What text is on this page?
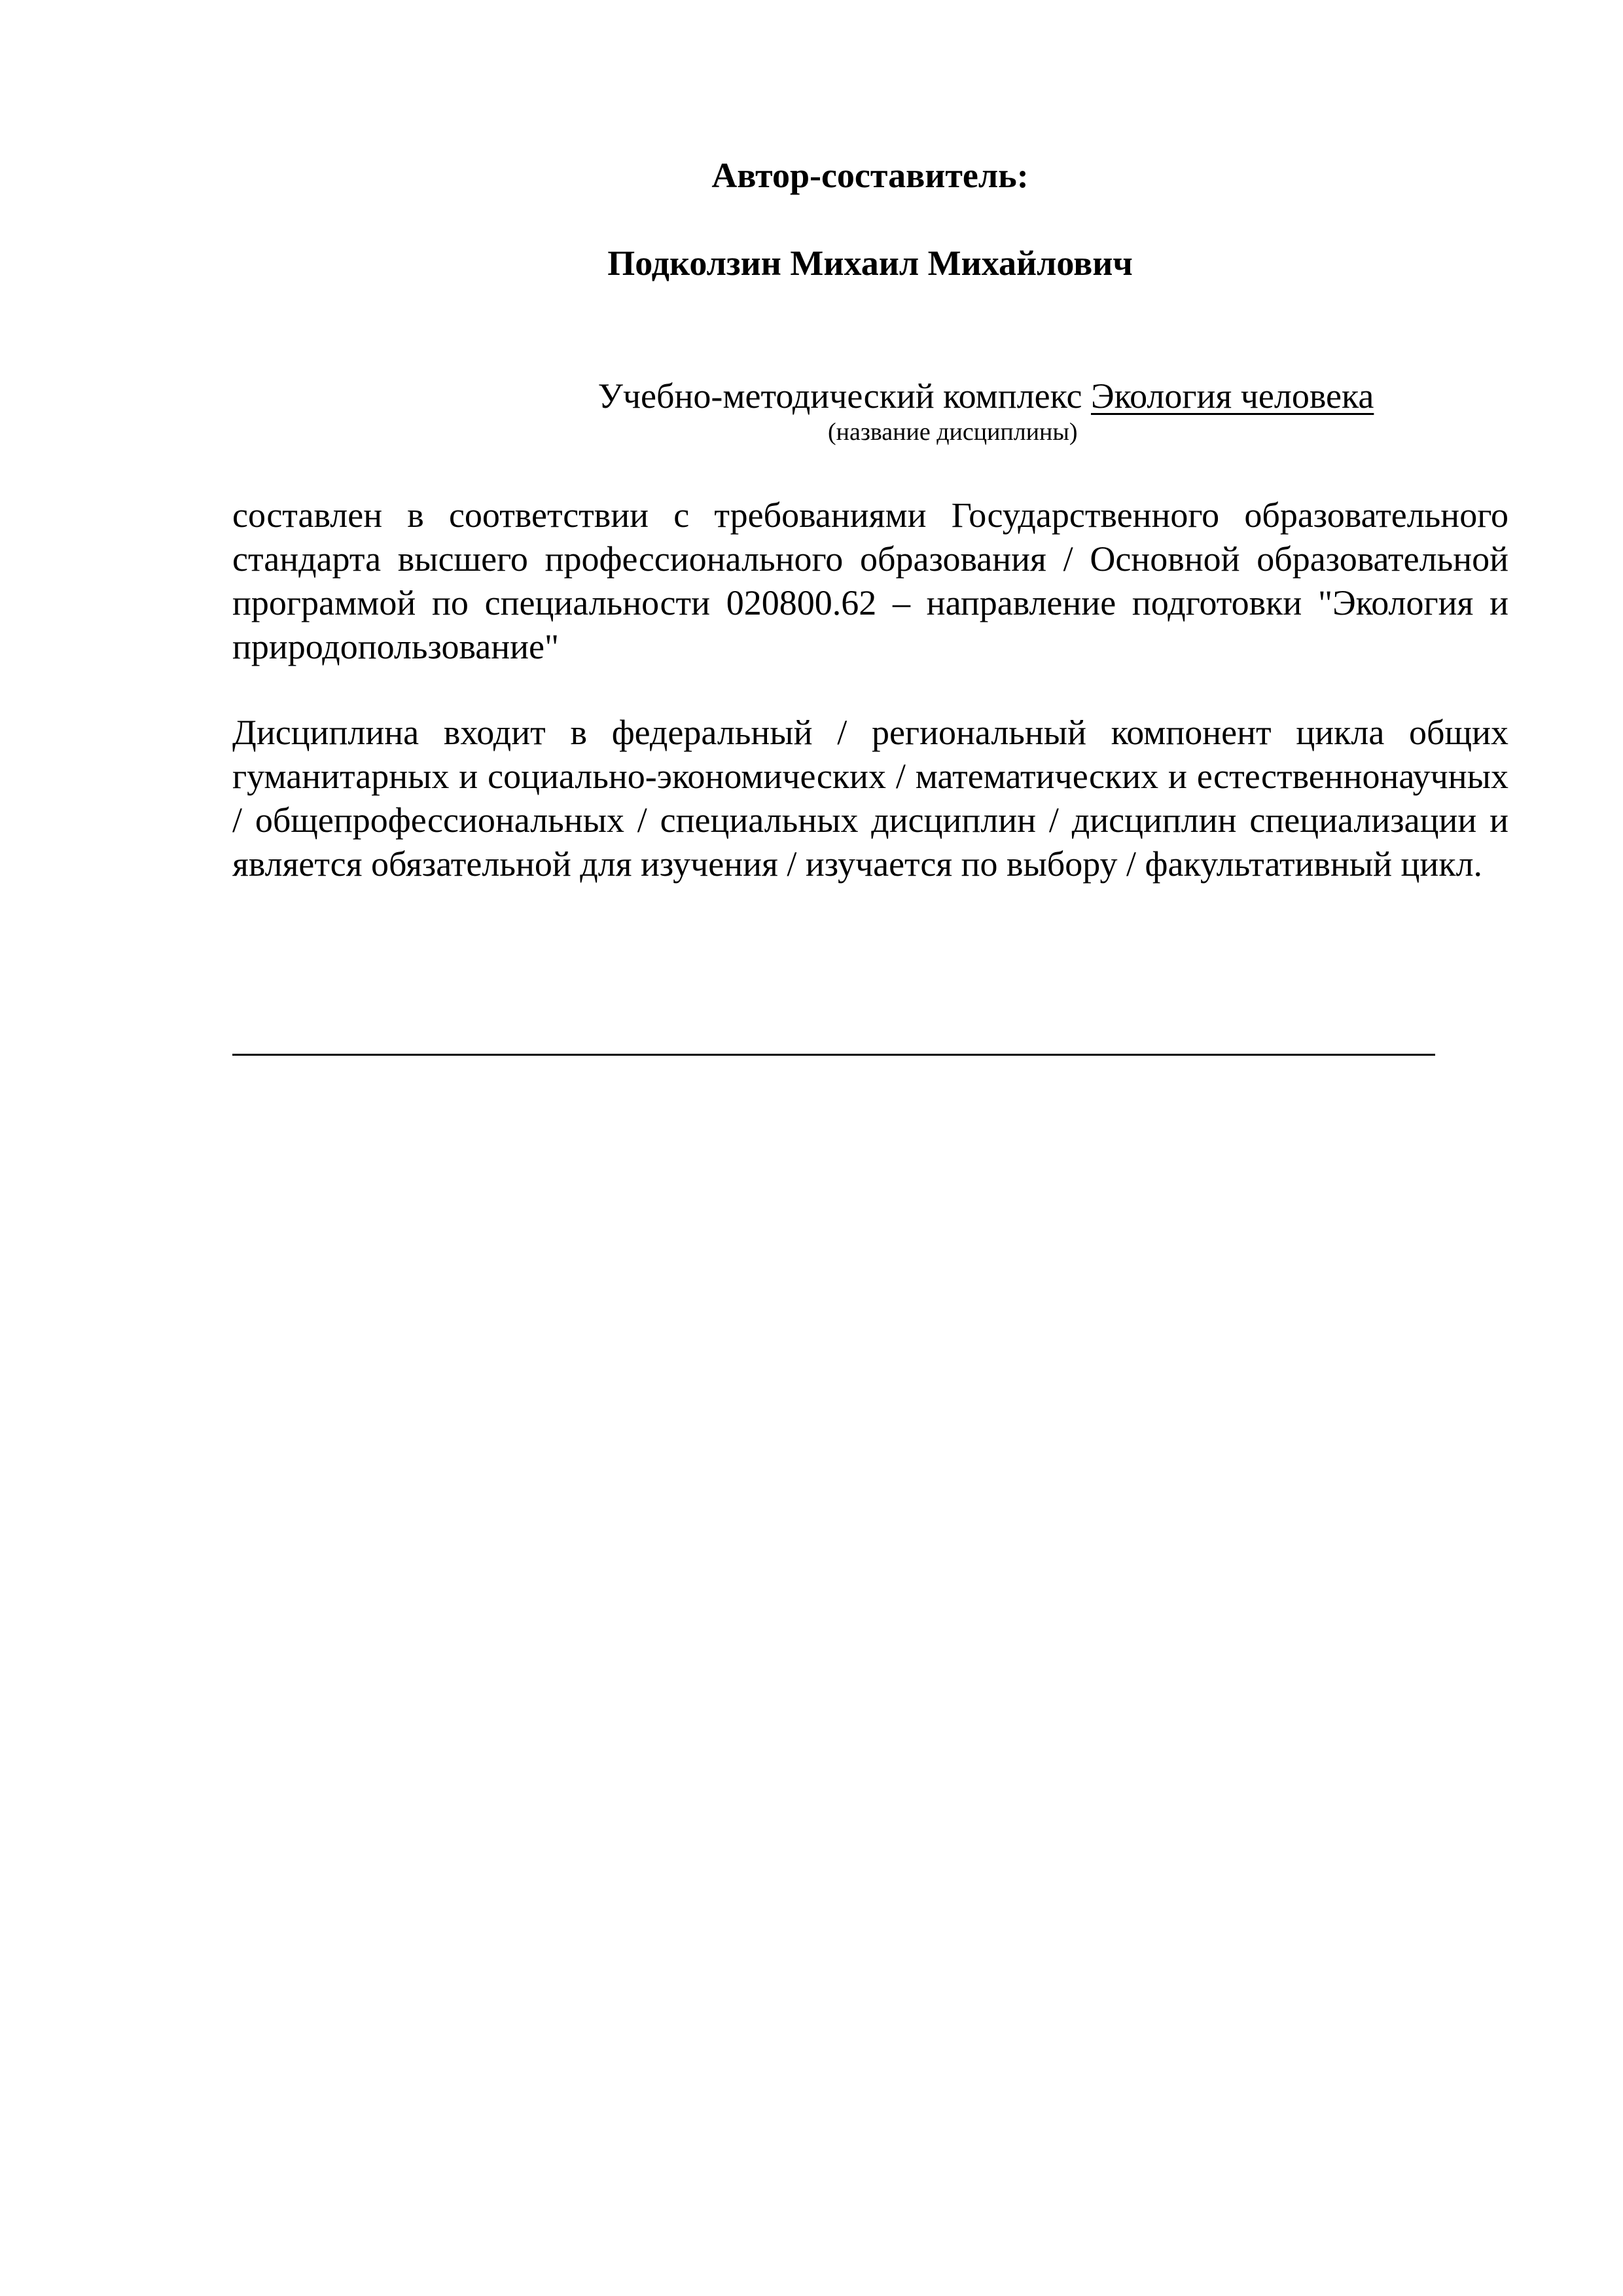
Автор-составитель:
Подколзин Михаил Михайлович
Учебно-методический комплекс Экология человека
(название дисциплины)
составлен в соответствии с требованиями Государственного образовательного стандарта высшего профессионального образования / Основной образовательной программой по специальности 020800.62 – направление подготовки "Экология и природопользование"
Дисциплина входит в федеральный / региональный компонент цикла общих гуманитарных и социально-экономических / математических и естественнонаучных / общепрофессиональных / специальных дисциплин / дисциплин специализации и является обязательной для изучения / изучается по выбору / факультативный цикл.
